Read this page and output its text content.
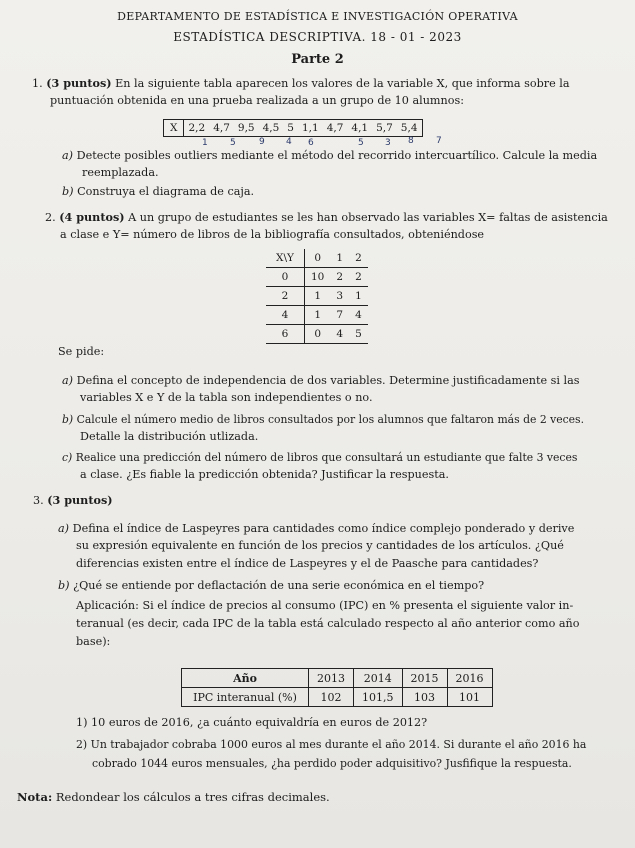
DEPARTAMENTO DE ESTADÍSTICA E INVESTIGACIÓN OPERATIVA
ESTADÍSTICA DESCRIPTIVA. 18 - 01 - 2023
Parte 2
1. (3 puntos) En la siguiente tabla aparecen los valores de la variable X, que informa sobre la
puntuación obtenida en una prueba realizada a un grupo de 10 alumnos:
X	2,2	4,7	9,5	4,5	5	1,1	4,7	4,1	5,7	5,4
1 5	9 4 6	5 3 8 7
a) Detecte posibles outliers mediante el método del recorrido intercuartílico. Calcule la media
reemplazada.
b) Construya el diagrama de caja.
2. (4 puntos) A un grupo de estudiantes se les han observado las variables X= faltas de asistencia
a clase e Y= número de libros de la bibliografía consultados, obteniéndose
X\Y	0	1	2
0	10	2	2
2	1	3	1
4	1	7	4
6	0	4	5
Se pide:
a) Defina el concepto de independencia de dos variables. Determine justificadamente si las
variables X e Y de la tabla son independientes o no.
b) Calcule el número medio de libros consultados por los alumnos que faltaron más de 2 veces.
Detalle la distribución utlizada.
c) Realice una predicción del número de libros que consultará un estudiante que falte 3 veces
a clase. ¿Es fiable la predicción obtenida? Justificar la respuesta.
3. (3 puntos)
a) Defina el índice de Laspeyres para cantidades como índice complejo ponderado y derive
su expresión equivalente en función de los precios y cantidades de los artículos. ¿Qué
diferencias existen entre el índice de Laspeyres y el de Paasche para cantidades?
b) ¿Qué se entiende por deflactación de una serie económica en el tiempo?
Aplicación: Si el índice de precios al consumo (IPC) en % presenta el siguiente valor in-
teranual (es decir, cada IPC de la tabla está calculado respecto al año anterior como año
base):
Año	2013	2014	2015	2016
IPC interanual (%)	102	101,5	103	101
1) 10 euros de 2016, ¿a cuánto equivaldría en euros de 2012?
2) Un trabajador cobraba 1000 euros al mes durante el año 2014. Si durante el año 2016 ha
cobrado 1044 euros mensuales, ¿ha perdido poder adquisitivo? Jusfifique la respuesta.
Nota: Redondear los cálculos a tres cifras decimales.
